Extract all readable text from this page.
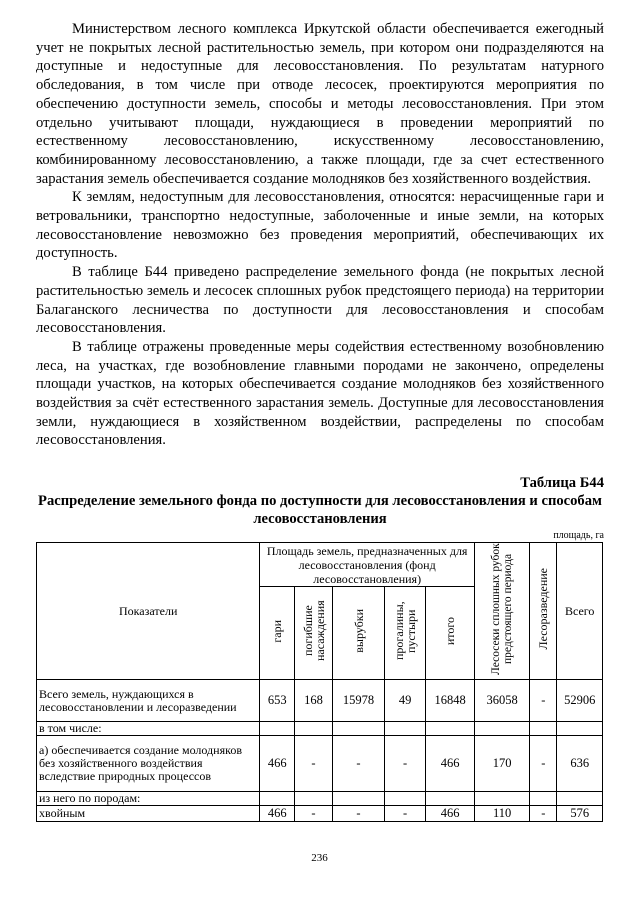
Министерством лесного комплекса Иркутской области обеспечивается ежегодный учет не покрытых лесной растительностью земель, при котором они подразделяются на доступные и недоступные для лесовосстановления. По результатам натурного обследования, в том числе при отводе лесосек, проектируются мероприятия по обеспечению доступности земель, способы и методы лесовосстановления. При этом отдельно учитывают площади, нуждающиеся в проведении мероприятий по естественному лесовосстановлению, искусственному лесовосстановлению, комбинированному лесовосстановлению, а также площади, где за счет естественного зарастания земель обеспечивается создание молодняков без хозяйственного воздействия.

К землям, недоступным для лесовосстановления, относятся: нерасчищенные гари и ветровальники, транспортно недоступные, заболоченные и иные земли, на которых лесовосстановление невозможно без проведения мероприятий, обеспечивающих их доступность.

В таблице Б44 приведено распределение земельного фонда (не покрытых лесной растительностью земель и лесосек сплошных рубок предстоящего периода) на территории Балаганского лесничества по доступности для лесовосстановления и способам лесовосстановления.

В таблице отражены проведенные меры содействия естественному возобновлению леса, на участках, где возобновление главными породами не закончено, определены площади участков, на которых обеспечивается создание молодняков без хозяйственного воздействия за счёт естественного зарастания земель. Доступные для лесовосстановления земли, нуждающиеся в хозяйственном воздействии, распределены по способам лесовосстановления.

Таблица Б44
Распределение земельного фонда по доступности для лесовосстановления и способам лесовосстановления
площадь, га
Показатели	Площадь земель, предназначенных для лесовосстановления (фонд лесовосстановления)					Лесосеки сплошных рубок предстоящего периода	Лесоразведение	Всего
	гари	погибшие насаждения	вырубки	прогалины, пустыри	итого			
Всего земель, нуждающихся в лесовосстановлении и лесоразведении	653	168	15978	49	16848	36058	-	52906
в том числе:								
а) обеспечивается создание молодняков без хозяйственного воздействия вследствие природных процессов	466	-	-	-	466	170	-	636
из него по породам:								
хвойным	466	-	-	-	466	110	-	576
236
